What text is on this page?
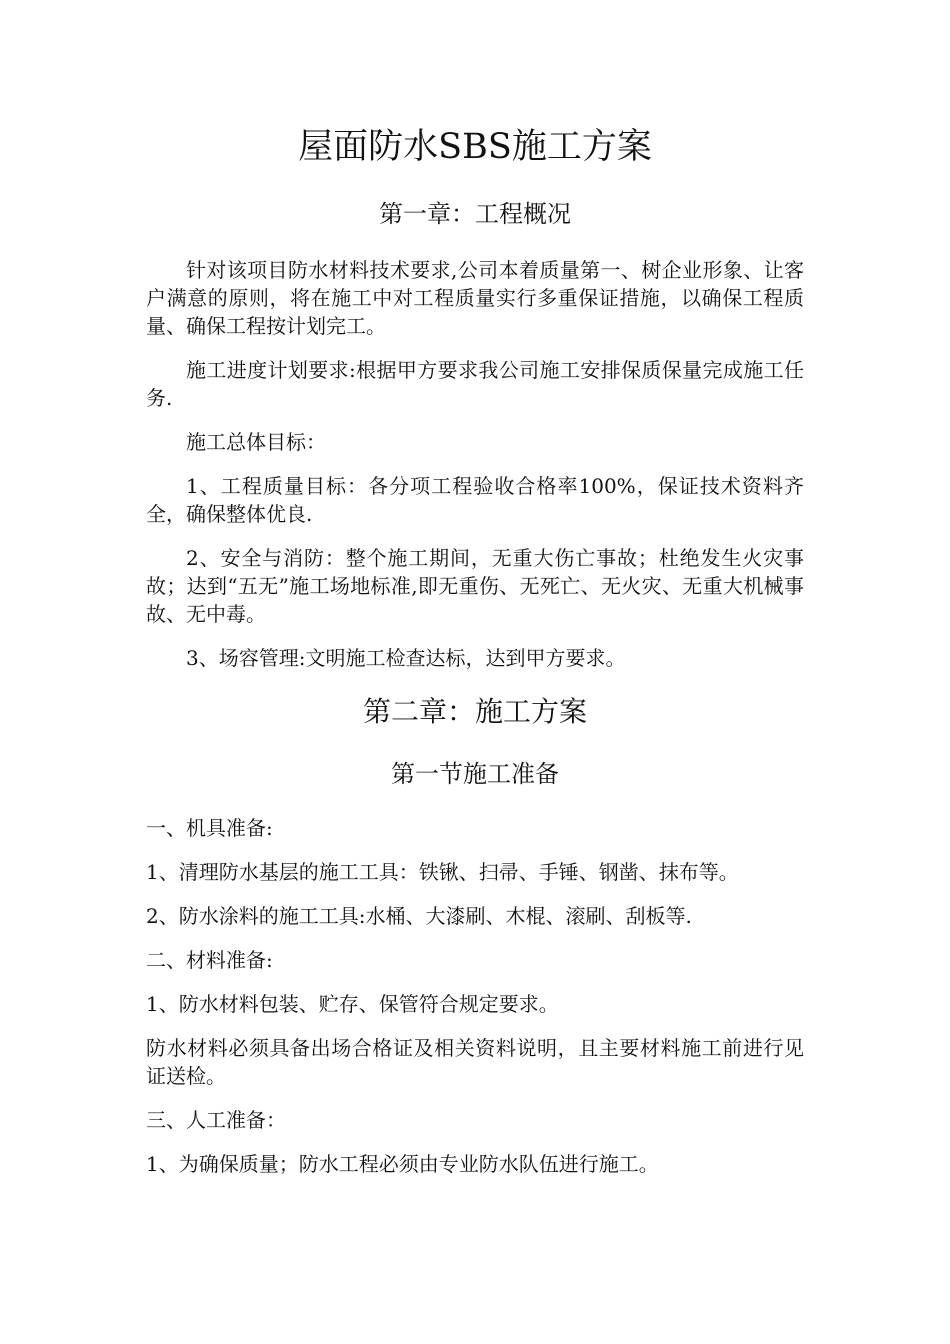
屋面防水SBS施工方案
第一章：工程概况

针对该项目防水材料技术要求,公司本着质量第一、树企业形象、让客户满意的原则，将在施工中对工程质量实行多重保证措施，以确保工程质量、确保工程按计划完工。

施工进度计划要求:根据甲方要求我公司施工安排保质保量完成施工任务.

施工总体目标：

1、工程质量目标：各分项工程验收合格率100%，保证技术资料齐全，确保整体优良.

2、安全与消防：整个施工期间，无重大伤亡事故；杜绝发生火灾事故；达到“五无”施工场地标准,即无重伤、无死亡、无火灾、无重大机械事故、无中毒。

3、场容管理:文明施工检查达标，达到甲方要求。

第二章：施工方案
第一节施工准备

一、机具准备:

1、清理防水基层的施工工具：铁锹、扫帚、手锤、钢凿、抹布等。

2、防水涂料的施工工具:水桶、大漆刷、木棍、滚刷、刮板等.

二、材料准备:

1、防水材料包装、贮存、保管符合规定要求。

防水材料必须具备出场合格证及相关资料说明，且主要材料施工前进行见证送检。

三、人工准备：

1、为确保质量；防水工程必须由专业防水队伍进行施工。
